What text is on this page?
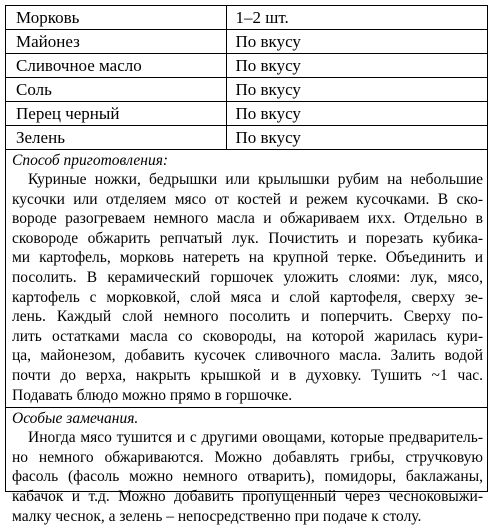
Морковь	1–2 шт.
Майонез	По вкусу
Сливочное масло	По вкусу
Соль	По вкусу
Перец черный	По вкусу
Зелень	По вкусу
Способ приготовления:
Куриные ножки, бедрышки или крылышки рубим на небольшие
кусочки или отделяем мясо от костей и режем кусочками. В ско-
вороде разогреваем немного масла и обжариваем ихх. Отдельно в
сковороде обжарить репчатый лук. Почистить и порезать кубика-
ми картофель, морковь натереть на крупной терке. Объединить и
посолить. В керамический горшочек уложить слоями: лук, мясо,
картофель с морковкой, слой мяса и слой картофеля, сверху зе-
лень. Каждый слой немного посолить и поперчить. Сверху по-
лить остатками масла со сковороды, на которой жарилась кури-
ца, майонезом, добавить кусочек сливочного масла. Залить водой
почти до верха, накрыть крышкой и в духовку. Тушить ~1 час.
Подавать блюдо можно прямо в горшочке.
Особые замечания.
Иногда мясо тушится и с другими овощами, которые предваритель-
но немного обжариваются. Можно добавлять грибы, стручковую
фасоль (фасоль можно немного отварить), помидоры, баклажаны,
кабачок и т.д. Можно добавить пропущенный через чесноковыжи-
малку чеснок, а зелень – непосредственно при подаче к столу.
